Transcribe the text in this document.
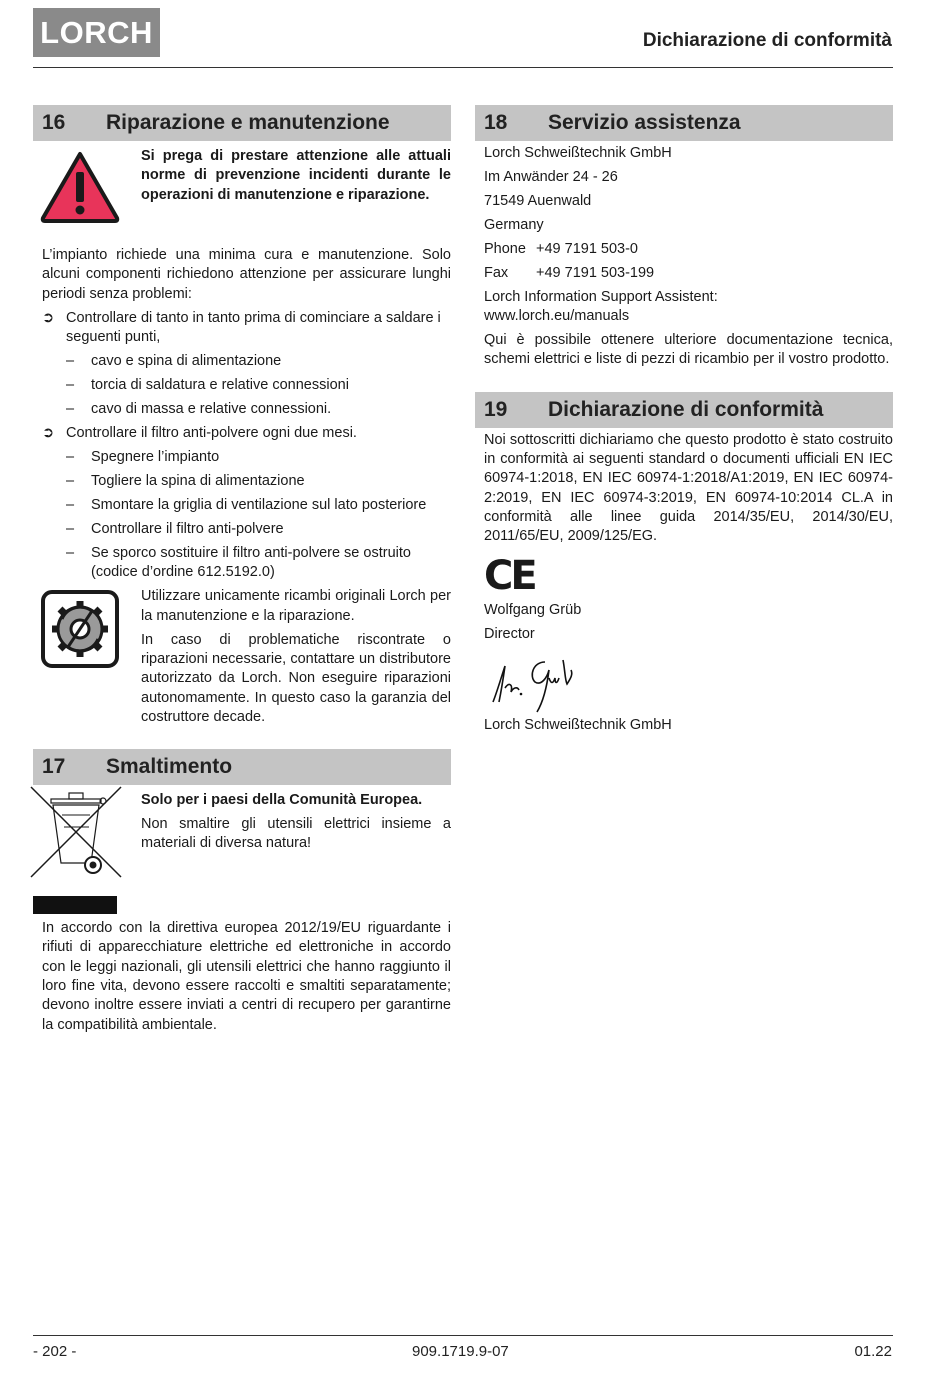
LORCH	Dichiarazione di conformità
16	Riparazione e manutenzione

Si prega di prestare attenzione alle attuali norme di prevenzione incidenti durante le operazioni di manutenzione e riparazione.

L’impianto richiede una minima cura e manutenzione. Solo alcuni componenti richiedono attenzione per assicurare lunghi periodi senza problemi:

➲ Controllare di tanto in tanto prima di cominciare a saldare i seguenti punti,
–	cavo e spina di alimentazione
–	torcia di saldatura e relative connessioni
–	cavo di massa e relative connessioni.
➲ Controllare il filtro anti-polvere ogni due mesi.
–	Spegnere l’impianto
–	Togliere la spina di alimentazione
–	Smontare la griglia di ventilazione sul lato posteriore
–	Controllare il filtro anti-polvere
–	Se sporco sostituire il filtro anti-polvere se ostruito (codice d’ordine 612.5192.0)

Utilizzare unicamente ricambi originali Lorch per la manutenzione e la riparazione.

In caso di problematiche riscontrate o riparazioni necessarie, contattare un distributore autorizzato da Lorch. Non eseguire riparazioni autonomamente. In questo caso la garanzia del costruttore decade.

17	Smaltimento

Solo per i paesi della Comunità Europea.

Non smaltire gli utensili elettrici insieme a materiali di diversa natura!

In accordo con la direttiva europea 2012/19/EU riguardante i rifiuti di apparecchiature elettriche ed elettroniche in accordo con le leggi nazionali, gli utensili elettrici che hanno raggiunto il loro fine vita, devono essere raccolti e smaltiti separatamente; devono inoltre essere inviati a centri di recupero per garantirne la compatibilità ambientale.

18	Servizio assistenza

Lorch Schweißtechnik GmbH

Im Anwänder 24 - 26

71549 Auenwald

Germany

Phone +49 7191 503-0
Fax	+49 7191 503-199

Lorch Information Support Assistent:

www.lorch.eu/manuals

Qui è possibile ottenere ulteriore documentazione tecnica, schemi elettrici e liste di pezzi di ricambio per il vostro prodotto.

19	Dichiarazione di conformità

Noi sottoscritti dichiariamo che questo prodotto è stato costruito in conformità ai seguenti standard o documenti ufficiali EN IEC 60974-1:2018, EN IEC 60974-1:2018/A1:2019, EN IEC 60974-2:2019, EN IEC 60974-3:2019, EN 60974-10:2014 CL.A in conformità alle linee guida 2014/35/EU, 2014/30/EU, 2011/65/EU, 2009/125/EG.

CE

Wolfgang Grüb

Director

Lorch Schweißtechnik GmbH

- 202 -	909.1719.9-07	01.22
